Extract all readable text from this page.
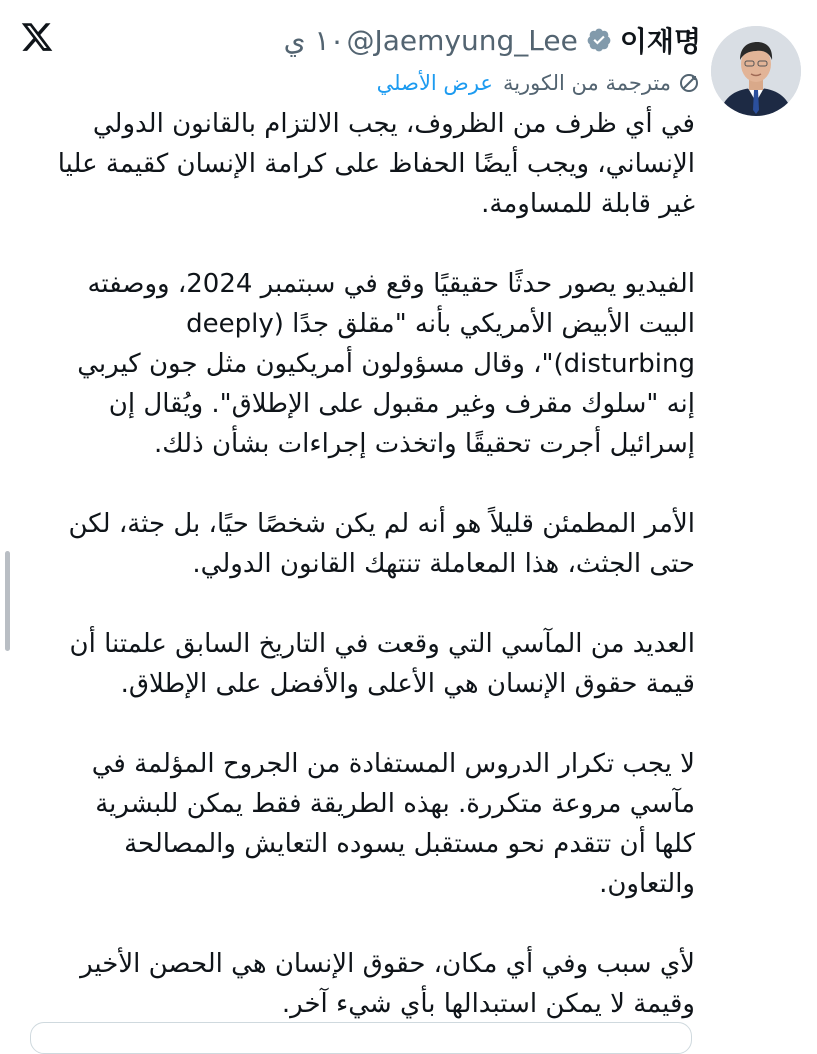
١٠ ي @Jaemyung_Lee 이재명
عرض الأصلي مترجمة من الكورية

في أي ظرف من الظروف، يجب الالتزام بالقانون الدولي الإنساني، ويجب أيضًا الحفاظ على كرامة الإنسان كقيمة عليا غير قابلة للمساومة.

الفيديو يصور حدثًا حقيقيًا وقع في سبتمبر 2024، ووصفته البيت الأبيض الأمريكي بأنه "مقلق جدًا (deeply disturbing)"، وقال مسؤولون أمريكيون مثل جون كيربي إنه "سلوك مقرف وغير مقبول على الإطلاق". ويُقال إن إسرائيل أجرت تحقيقًا واتخذت إجراءات بشأن ذلك.

الأمر المطمئن قليلاً هو أنه لم يكن شخصًا حيًا، بل جثة، لكن حتى الجثث، هذا المعاملة تنتهك القانون الدولي.

العديد من المآسي التي وقعت في التاريخ السابق علمتنا أن قيمة حقوق الإنسان هي الأعلى والأفضل على الإطلاق.

لا يجب تكرار الدروس المستفادة من الجروح المؤلمة في مآسي مروعة متكررة. بهذه الطريقة فقط يمكن للبشرية كلها أن تتقدم نحو مستقبل يسوده التعايش والمصالحة والتعاون.

لأي سبب وفي أي مكان، حقوق الإنسان هي الحصن الأخير وقيمة لا يمكن استبدالها بأي شيء آخر.
